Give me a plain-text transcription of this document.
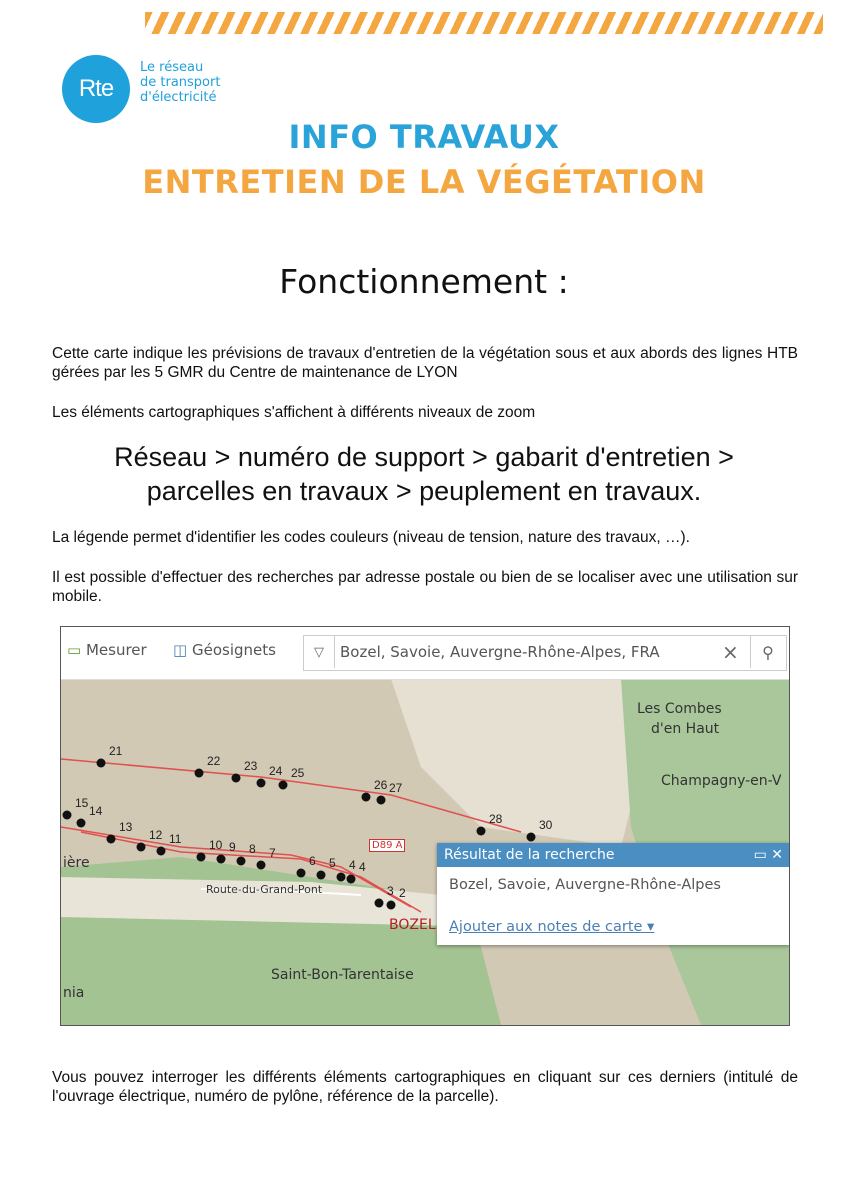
Rte
Le réseau
de transport
d'électricité
INFO TRAVAUX
ENTRETIEN DE LA VÉGÉTATION
Fonctionnement :
Cette carte indique les prévisions de travaux d'entretien de la végétation sous et aux abords des lignes HTB gérées par les 5 GMR du Centre de maintenance de LYON
Les éléments cartographiques s'affichent à différents niveaux de zoom
Réseau > numéro de support > gabarit d'entretien >
parcelles en travaux > peuplement en travaux.
La légende permet d'identifier les codes couleurs (niveau de tension, nature des travaux, …).
Il est possible d'effectuer des recherches par adresse postale ou bien de se localiser avec une utilisation sur mobile.
21
22 23 24 25
26 27
28	30
15
14
13
12 11 10 9 8 7
6 5 4 4
3 2
▭ Mesurer ◫ Géosignets	▽
Bozel, Savoie, Auvergne-Rhône-Alpes, FRA	× ⚲
Les Combes
d'en Haut
Champagny-en-V
Saint-Bon-Tarentaise
Route-du-Grand-Pont
D89 A
BOZEL
ière
nia
Résultat de la recherche	▭ ✕
Bozel, Savoie, Auvergne-Rhône-Alpes
Ajouter aux notes de carte ▾
Vous pouvez interroger les différents éléments cartographiques en cliquant sur ces derniers (intitulé de l'ouvrage électrique, numéro de pylône, référence de la parcelle).
